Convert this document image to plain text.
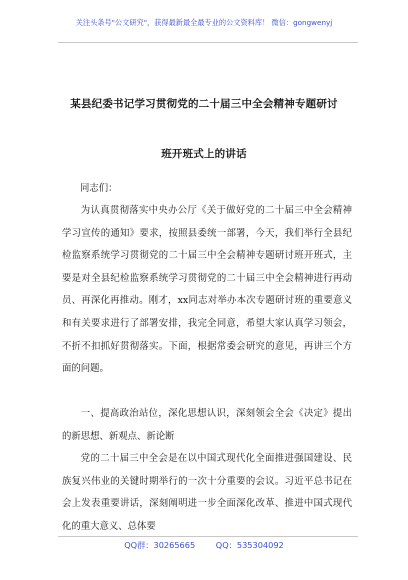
关注头条号"公文研究"，获得最新最全最专业的公文资料库！ 微信：gongwenyj
某县纪委书记学习贯彻党的二十届三中全会精神专题研讨
班开班式上的讲话
同志们：

为认真贯彻落实中央办公厅《关于做好党的二十届三中全会精神学习宣传的通知》要求，按照县委统一部署，今天，我们举行全县纪检监察系统学习贯彻党的二十届三中全会精神专题研讨班开班式，主要是对全县纪检监察系统学习贯彻党的二十届三中全会精神进行再动员、再深化再推动。刚才，xx同志对举办本次专题研讨班的重要意义和有关要求进行了部署安排，我完全同意，希望大家认真学习领会，不折不扣抓好贯彻落实。下面，根据常委会研究的意见，再讲三个方面的问题。

一、提高政治站位，深化思想认识，深刻领会全会《决定》提出的新思想、新观点、新论断

党的二十届三中全会是在以中国式现代化全面推进强国建设、民族复兴伟业的关键时期举行的一次十分重要的会议。习近平总书记在会上发表重要讲话，深刻阐明进一步全面深化改革、推进中国式现代化的重大意义、总体要

QQ群：30265665	QQ：535304092
